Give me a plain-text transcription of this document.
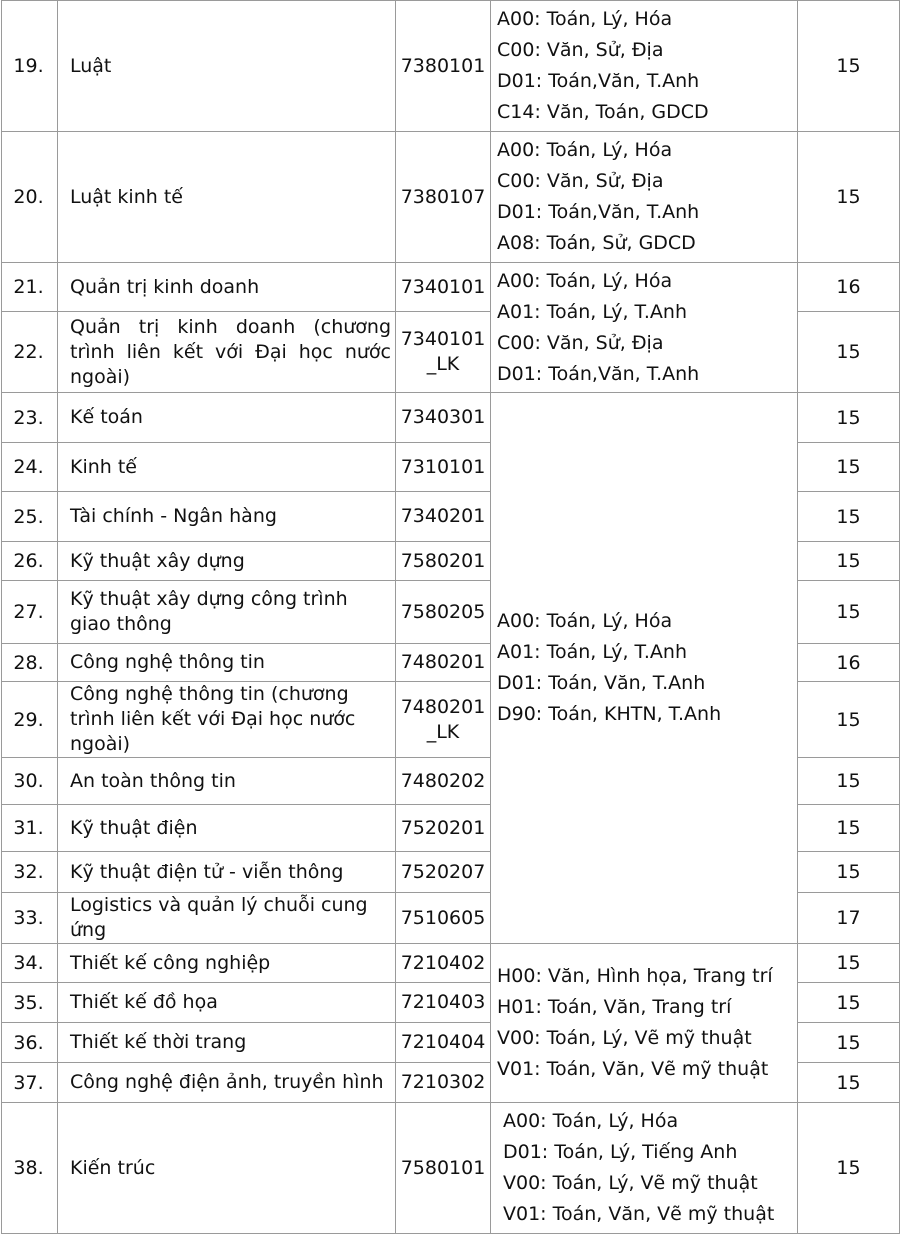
19.	Luật	7380101	A00: Toán, Lý, Hóa
C00: Văn, Sử, Địa
D01: Toán,Văn, T.Anh
C14: Văn, Toán, GDCD	15
20.	Luật kinh tế	7380107	A00: Toán, Lý, Hóa
C00: Văn, Sử, Địa
D01: Toán,Văn, T.Anh
A08: Toán, Sử, GDCD	15
21.	Quản trị kinh doanh	7340101	A00: Toán, Lý, Hóa
A01: Toán, Lý, T.Anh
C00: Văn, Sử, Địa
D01: Toán,Văn, T.Anh	16
22.	Quản trị kinh doanh (chương trình liên kết với Đại học nước ngoài)	7340101 _LK		15
23.	Kế toán	7340301	A00: Toán, Lý, Hóa
A01: Toán, Lý, T.Anh
D01: Toán, Văn, T.Anh
D90: Toán, KHTN, T.Anh	15
24.	Kinh tế	7310101		15
25.	Tài chính - Ngân hàng	7340201		15
26.	Kỹ thuật xây dựng	7580201		15
27.	Kỹ thuật xây dựng công trình giao thông	7580205		15
28.	Công nghệ thông tin	7480201		16
29.	Công nghệ thông tin (chương trình liên kết với Đại học nước ngoài)	7480201 _LK		15
30.	An toàn thông tin	7480202		15
31.	Kỹ thuật điện	7520201		15
32.	Kỹ thuật điện tử - viễn thông	7520207		15
33.	Logistics và quản lý chuỗi cung ứng	7510605		17
34.	Thiết kế công nghiệp	7210402	H00: Văn, Hình họa, Trang trí
H01: Toán, Văn, Trang trí
V00: Toán, Lý, Vẽ mỹ thuật
V01: Toán, Văn, Vẽ mỹ thuật	15
35.	Thiết kế đồ họa	7210403		15
36.	Thiết kế thời trang	7210404		15
37.	Công nghệ điện ảnh, truyền hình	7210302		15
38.	Kiến trúc	7580101	A00: Toán, Lý, Hóa
D01: Toán, Lý, Tiếng Anh
V00: Toán, Lý, Vẽ mỹ thuật
V01: Toán, Văn, Vẽ mỹ thuật	15
